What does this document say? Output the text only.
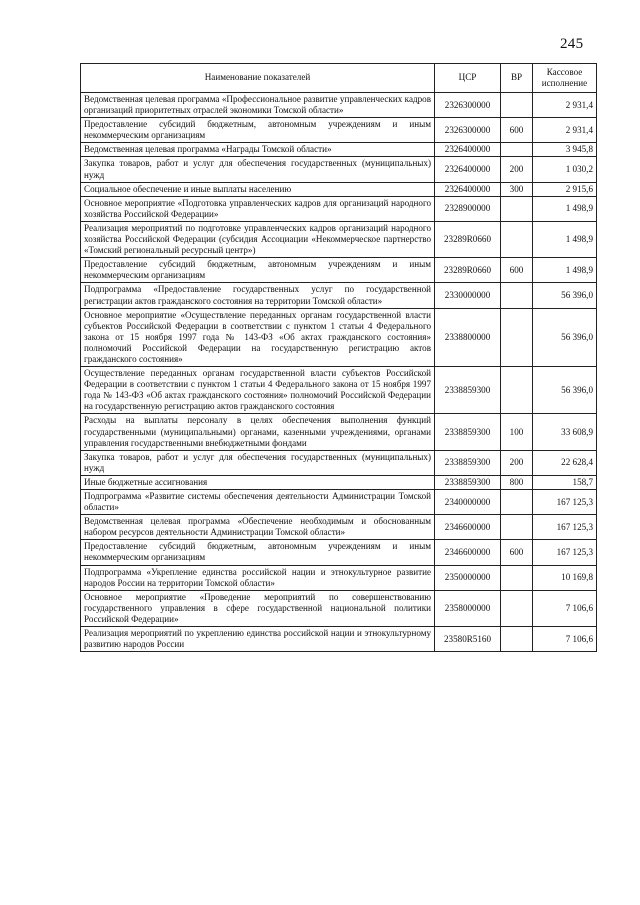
245
Наименование показателей	ЦСР	ВР	Кассовое исполнение
Ведомственная целевая программа «Профессиональное развитие управленческих кадров организаций приоритетных отраслей экономики Томской области»	2326300000		2 931,4
Предоставление субсидий бюджетным, автономным учреждениям и иным некоммерческим организациям	2326300000	600	2 931,4
Ведомственная целевая программа «Награды Томской области»	2326400000		3 945,8
Закупка товаров, работ и услуг для обеспечения государственных (муниципальных) нужд	2326400000	200	1 030,2
Социальное обеспечение и иные выплаты населению	2326400000	300	2 915,6
Основное мероприятие «Подготовка управленческих кадров для организаций народного хозяйства Российской Федерации»	2328900000		1 498,9
Реализация мероприятий по подготовке управленческих кадров организаций народного хозяйства Российской Федерации (субсидия Ассоциации «Некоммерческое партнерство «Томский региональный ресурсный центр»)	23289R0660		1 498,9
Предоставление субсидий бюджетным, автономным учреждениям и иным некоммерческим организациям	23289R0660	600	1 498,9
Подпрограмма «Предоставление государственных услуг по государственной регистрации актов гражданского состояния на территории Томской области»	2330000000		56 396,0
Основное мероприятие «Осуществление переданных органам государственной власти субъектов Российской Федерации в соответствии с пунктом 1 статьи 4 Федерального закона от 15 ноября 1997 года № 143-ФЗ «Об актах гражданского состояния» полномочий Российской Федерации на государственную регистрацию актов гражданского состояния»	2338800000		56 396,0
Осуществление переданных органам государственной власти субъектов Российской Федерации в соответствии с пунктом 1 статьи 4 Федерального закона от 15 ноября 1997 года № 143-ФЗ «Об актах гражданского состояния» полномочий Российской Федерации на государственную регистрацию актов гражданского состояния	2338859300		56 396,0
Расходы на выплаты персоналу в целях обеспечения выполнения функций государственными (муниципальными) органами, казенными учреждениями, органами управления государственными внебюджетными фондами	2338859300	100	33 608,9
Закупка товаров, работ и услуг для обеспечения государственных (муниципальных) нужд	2338859300	200	22 628,4
Иные бюджетные ассигнования	2338859300	800	158,7
Подпрограмма «Развитие системы обеспечения деятельности Администрации Томской области»	2340000000		167 125,3
Ведомственная целевая программа «Обеспечение необходимым и обоснованным набором ресурсов деятельности Администрации Томской области»	2346600000		167 125,3
Предоставление субсидий бюджетным, автономным учреждениям и иным некоммерческим организациям	2346600000	600	167 125,3
Подпрограмма «Укрепление единства российской нации и этнокультурное развитие народов России на территории Томской области»	2350000000		10 169,8
Основное мероприятие «Проведение мероприятий по совершенствованию государственного управления в сфере государственной национальной политики Российской Федерации»	2358000000		7 106,6
Реализация мероприятий по укреплению единства российской нации и этнокультурному развитию народов России	23580R5160		7 106,6
